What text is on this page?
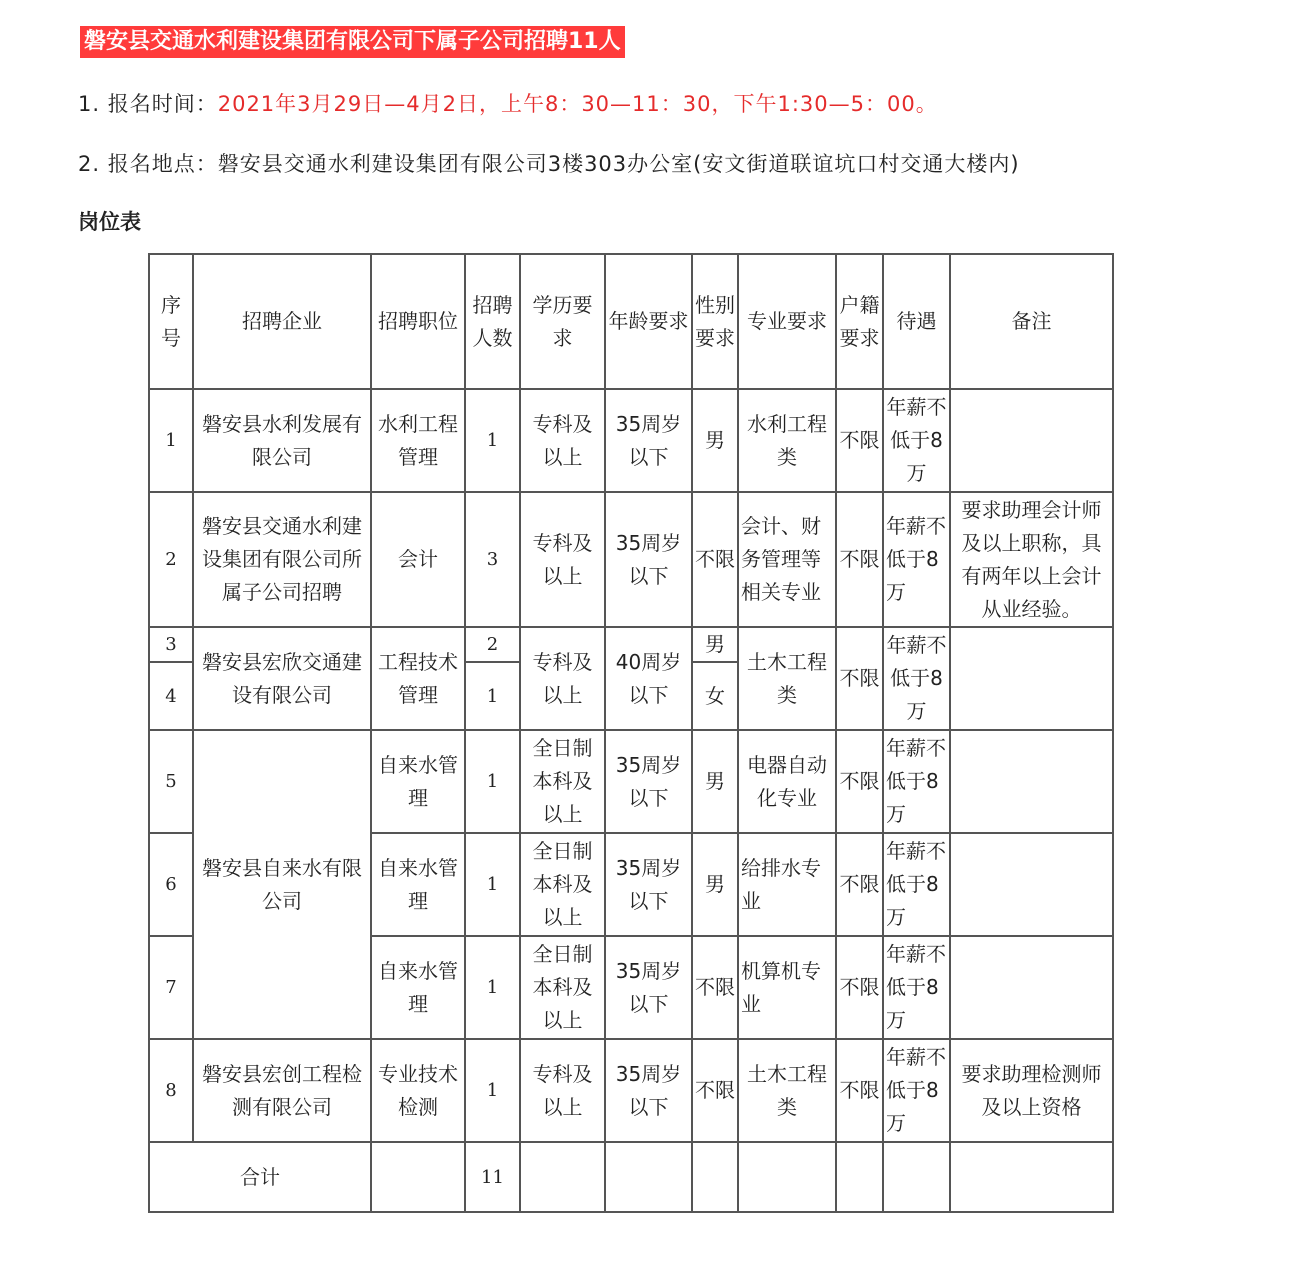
磐安县交通水利建设集团有限公司下属子公司招聘11人
1. 报名时间：2021年3月29日—4月2日，上午8：30—11：30，下午1:30—5：00。
2. 报名地点：磐安县交通水利建设集团有限公司3楼303办公室(安文街道联谊坑口村交通大楼内)
岗位表
序号	招聘企业	招聘职位	招聘人数	学历要求	年龄要求	性别要求	专业要求	户籍要求	待遇	备注
1	磐安县水利发展有限公司	水利工程管理	1	专科及以上	35周岁以下	男	水利工程类	不限	年薪不低于8万	
2	磐安县交通水利建设集团有限公司所属子公司招聘	会计	3	专科及以上	35周岁以下	不限	会计、财务管理等相关专业	不限	年薪不低于8万	要求助理会计师及以上职称，具有两年以上会计从业经验。
3	磐安县宏欣交通建设有限公司	工程技术管理	2	专科及以上	40周岁以下	男	土木工程类	不限	年薪不低于8万	
4			1			女				
5	磐安县自来水有限公司	自来水管理	1	全日制本科及以上	35周岁以下	男	电器自动化专业	不限	年薪不低于8万	
6		自来水管理	1	全日制本科及以上	35周岁以下	男	给排水专业	不限	年薪不低于8万	
7		自来水管理	1	全日制本科及以上	35周岁以下	不限	机算机专业	不限	年薪不低于8万	
8	磐安县宏创工程检测有限公司	专业技术检测	1	专科及以上	35周岁以下	不限	土木工程类	不限	年薪不低于8万	要求助理检测师及以上资格
合计			11							
